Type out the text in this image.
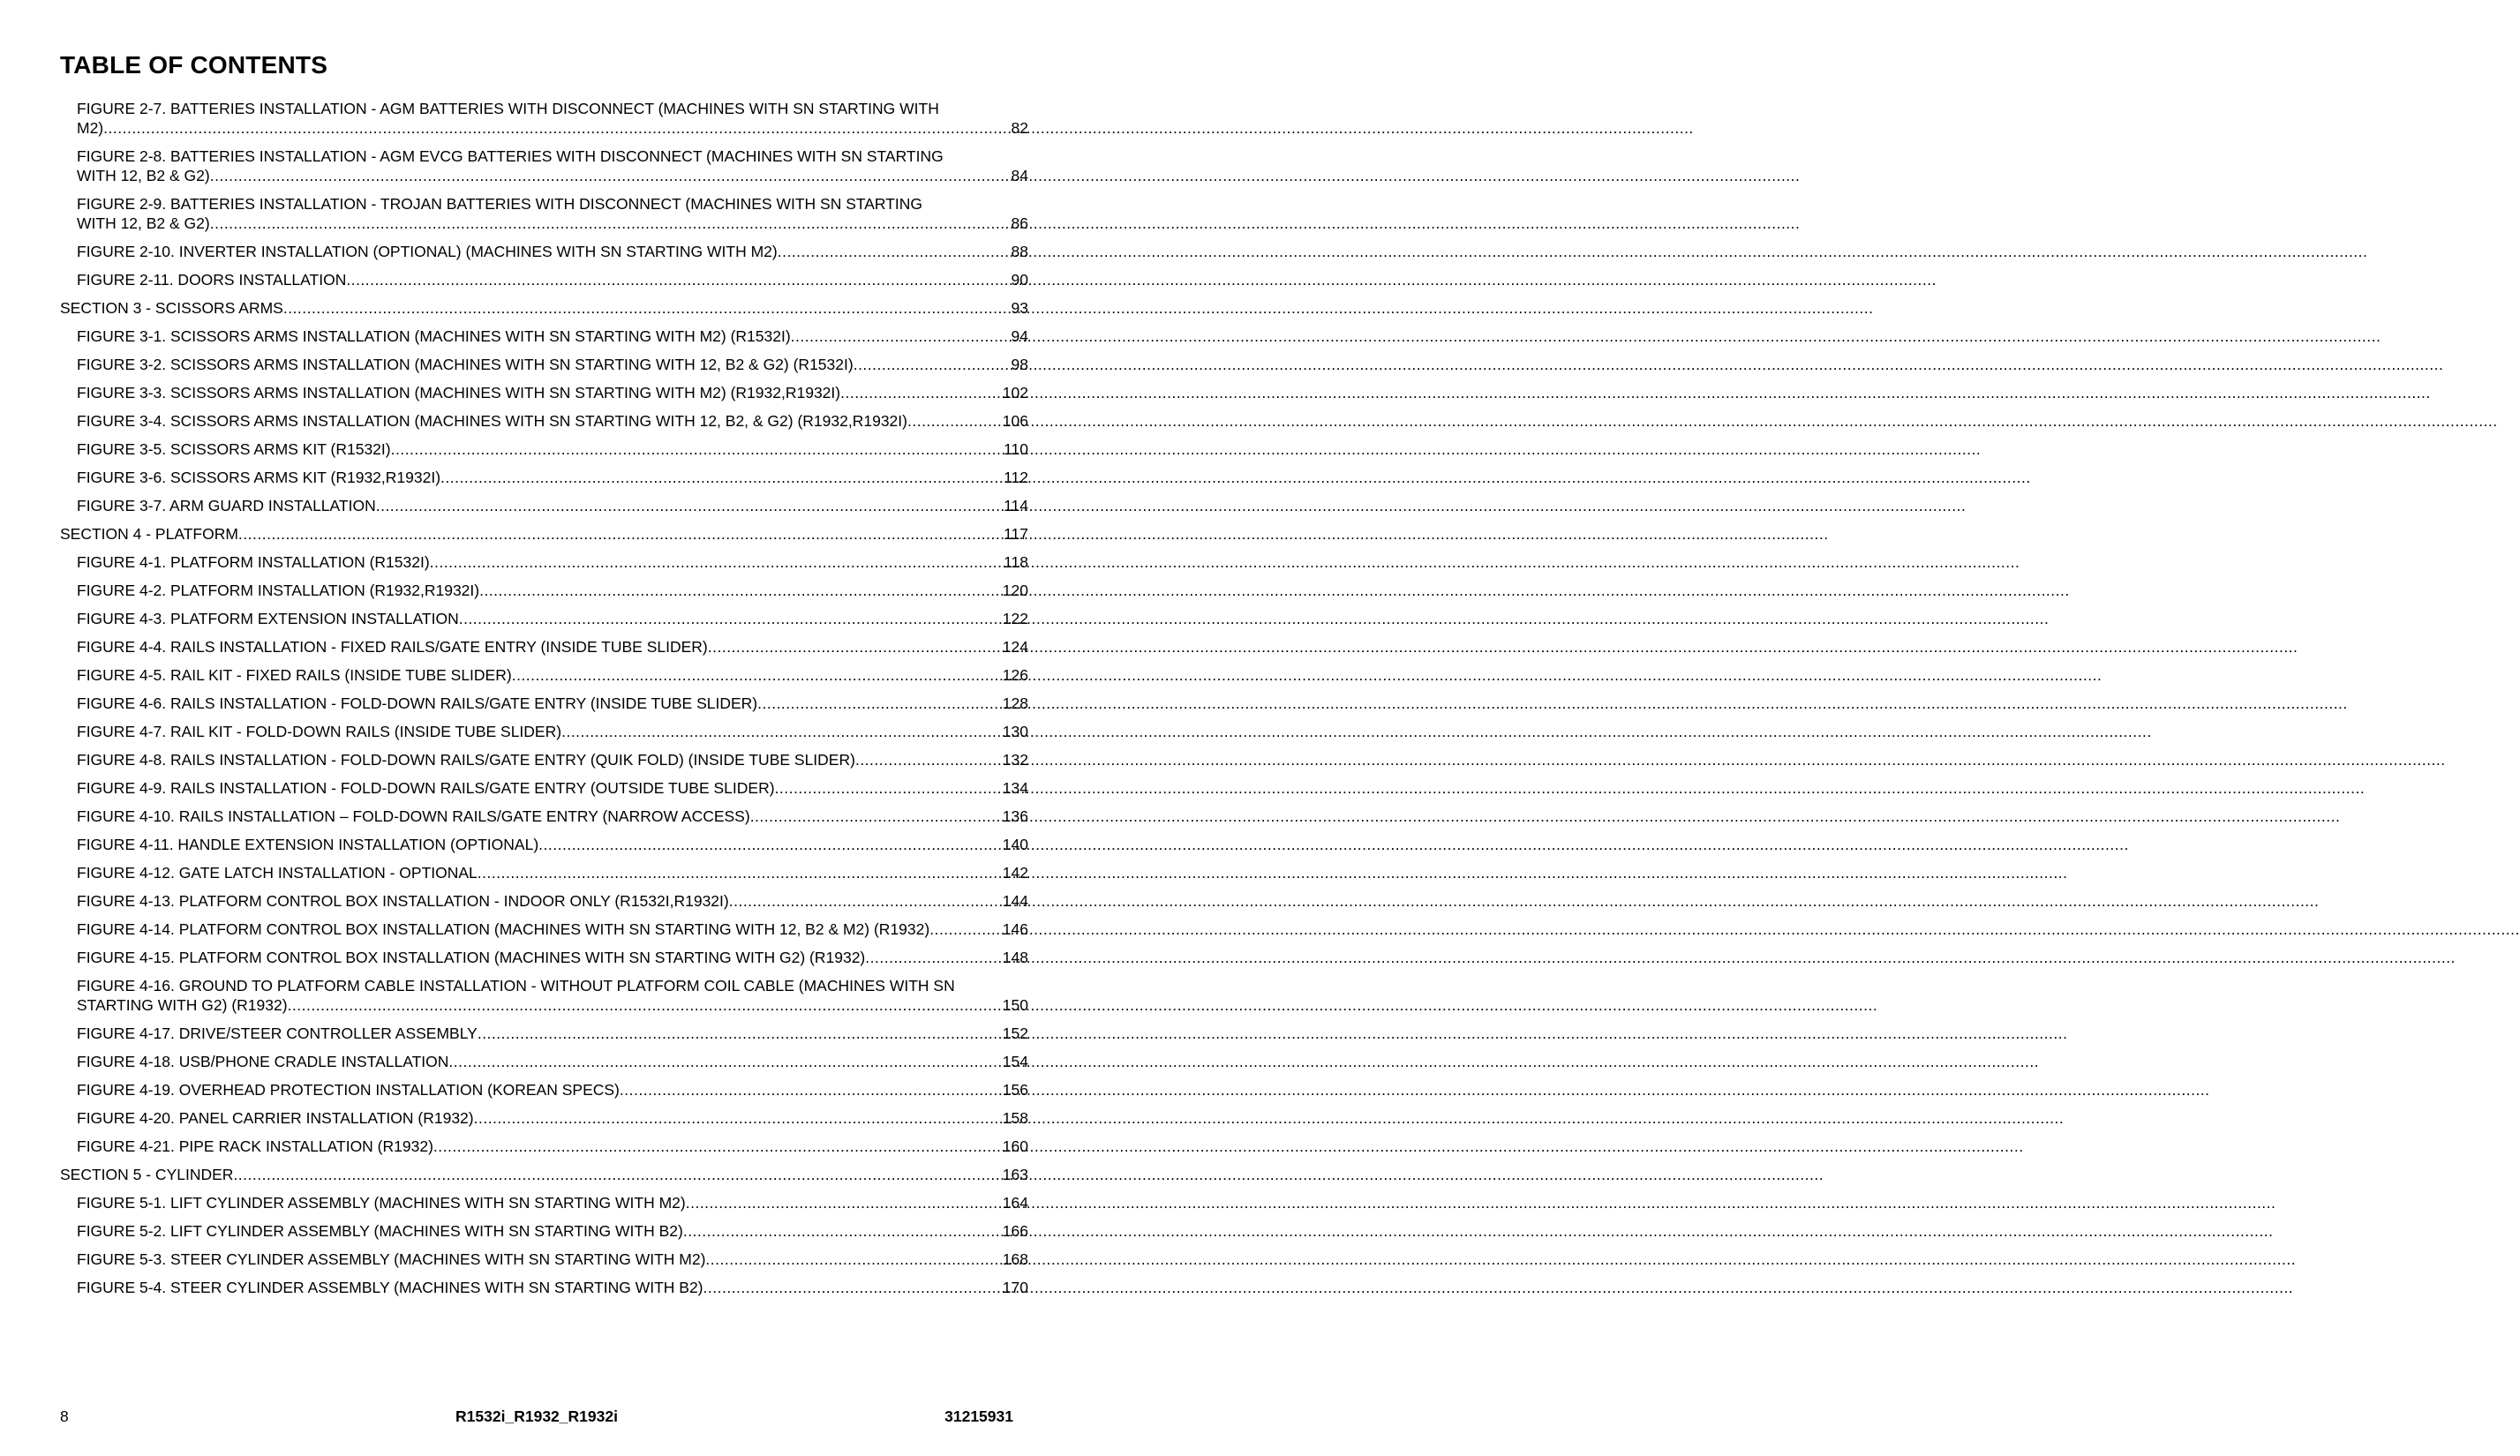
TABLE OF CONTENTS
FIGURE 2-7. BATTERIES INSTALLATION - AGM BATTERIES WITH DISCONNECT (MACHINES WITH SN STARTING WITH
M2) .....	82
FIGURE 2-8. BATTERIES INSTALLATION - AGM EVCG BATTERIES WITH DISCONNECT (MACHINES WITH SN STARTING
WITH 12, B2 & G2) .....	84
FIGURE 2-9. BATTERIES INSTALLATION - TROJAN BATTERIES WITH DISCONNECT (MACHINES WITH SN STARTING
WITH 12, B2 & G2) .....	86
FIGURE 2-10. INVERTER INSTALLATION (OPTIONAL) (MACHINES WITH SN STARTING WITH M2) .....	88
FIGURE 2-11. DOORS INSTALLATION .....	90
SECTION 3 - SCISSORS ARMS .....	93
FIGURE 3-1. SCISSORS ARMS INSTALLATION (MACHINES WITH SN STARTING WITH M2) (R1532I) .....	94
FIGURE 3-2. SCISSORS ARMS INSTALLATION (MACHINES WITH SN STARTING WITH 12, B2 & G2) (R1532I) .....	98
FIGURE 3-3. SCISSORS ARMS INSTALLATION (MACHINES WITH SN STARTING WITH M2) (R1932,R1932I) .....	102
FIGURE 3-4. SCISSORS ARMS INSTALLATION (MACHINES WITH SN STARTING WITH 12, B2, & G2) (R1932,R1932I) .....	106
FIGURE 3-5. SCISSORS ARMS KIT (R1532I) .....	110
FIGURE 3-6. SCISSORS ARMS KIT (R1932,R1932I) .....	112
FIGURE 3-7. ARM GUARD INSTALLATION .....	114
SECTION 4 - PLATFORM .....	117
FIGURE 4-1. PLATFORM INSTALLATION (R1532I) .....	118
FIGURE 4-2. PLATFORM INSTALLATION (R1932,R1932I) .....	120
FIGURE 4-3. PLATFORM EXTENSION INSTALLATION .....	122
FIGURE 4-4. RAILS INSTALLATION - FIXED RAILS/GATE ENTRY (INSIDE TUBE SLIDER) .....	124
FIGURE 4-5. RAIL KIT - FIXED RAILS (INSIDE TUBE SLIDER) .....	126
FIGURE 4-6. RAILS INSTALLATION - FOLD-DOWN RAILS/GATE ENTRY (INSIDE TUBE SLIDER) .....	128
FIGURE 4-7. RAIL KIT - FOLD-DOWN RAILS (INSIDE TUBE SLIDER) .....	130
FIGURE 4-8. RAILS INSTALLATION - FOLD-DOWN RAILS/GATE ENTRY (QUIK FOLD) (INSIDE TUBE SLIDER) .....	132
FIGURE 4-9. RAILS INSTALLATION - FOLD-DOWN RAILS/GATE ENTRY (OUTSIDE TUBE SLIDER) .....	134
FIGURE 4-10. RAILS INSTALLATION – FOLD-DOWN RAILS/GATE ENTRY (NARROW ACCESS) .....	136
FIGURE 4-11. HANDLE EXTENSION INSTALLATION (OPTIONAL) .....	140
FIGURE 4-12. GATE LATCH INSTALLATION - OPTIONAL .....	142
FIGURE 4-13. PLATFORM CONTROL BOX INSTALLATION - INDOOR ONLY (R1532I,R1932I) .....	144
FIGURE 4-14. PLATFORM CONTROL BOX INSTALLATION (MACHINES WITH SN STARTING WITH 12, B2 & M2) (R1932) .....	146
FIGURE 4-15. PLATFORM CONTROL BOX INSTALLATION (MACHINES WITH SN STARTING WITH G2) (R1932) .....	148
FIGURE 4-16. GROUND TO PLATFORM CABLE INSTALLATION - WITHOUT PLATFORM COIL CABLE (MACHINES WITH SN
STARTING WITH G2) (R1932) .....	150
FIGURE 4-17. DRIVE/STEER CONTROLLER ASSEMBLY .....	152
FIGURE 4-18. USB/PHONE CRADLE INSTALLATION .....	154
FIGURE 4-19. OVERHEAD PROTECTION INSTALLATION (KOREAN SPECS) .....	156
FIGURE 4-20. PANEL CARRIER INSTALLATION (R1932) .....	158
FIGURE 4-21. PIPE RACK INSTALLATION (R1932) .....	160
SECTION 5 - CYLINDER .....	163
FIGURE 5-1. LIFT CYLINDER ASSEMBLY (MACHINES WITH SN STARTING WITH M2) .....	164
FIGURE 5-2. LIFT CYLINDER ASSEMBLY (MACHINES WITH SN STARTING WITH B2) .....	166
FIGURE 5-3. STEER CYLINDER ASSEMBLY (MACHINES WITH SN STARTING WITH M2) .....	168
FIGURE 5-4. STEER CYLINDER ASSEMBLY (MACHINES WITH SN STARTING WITH B2) .....	170
8	R1532i_R1932_R1932i	31215931
